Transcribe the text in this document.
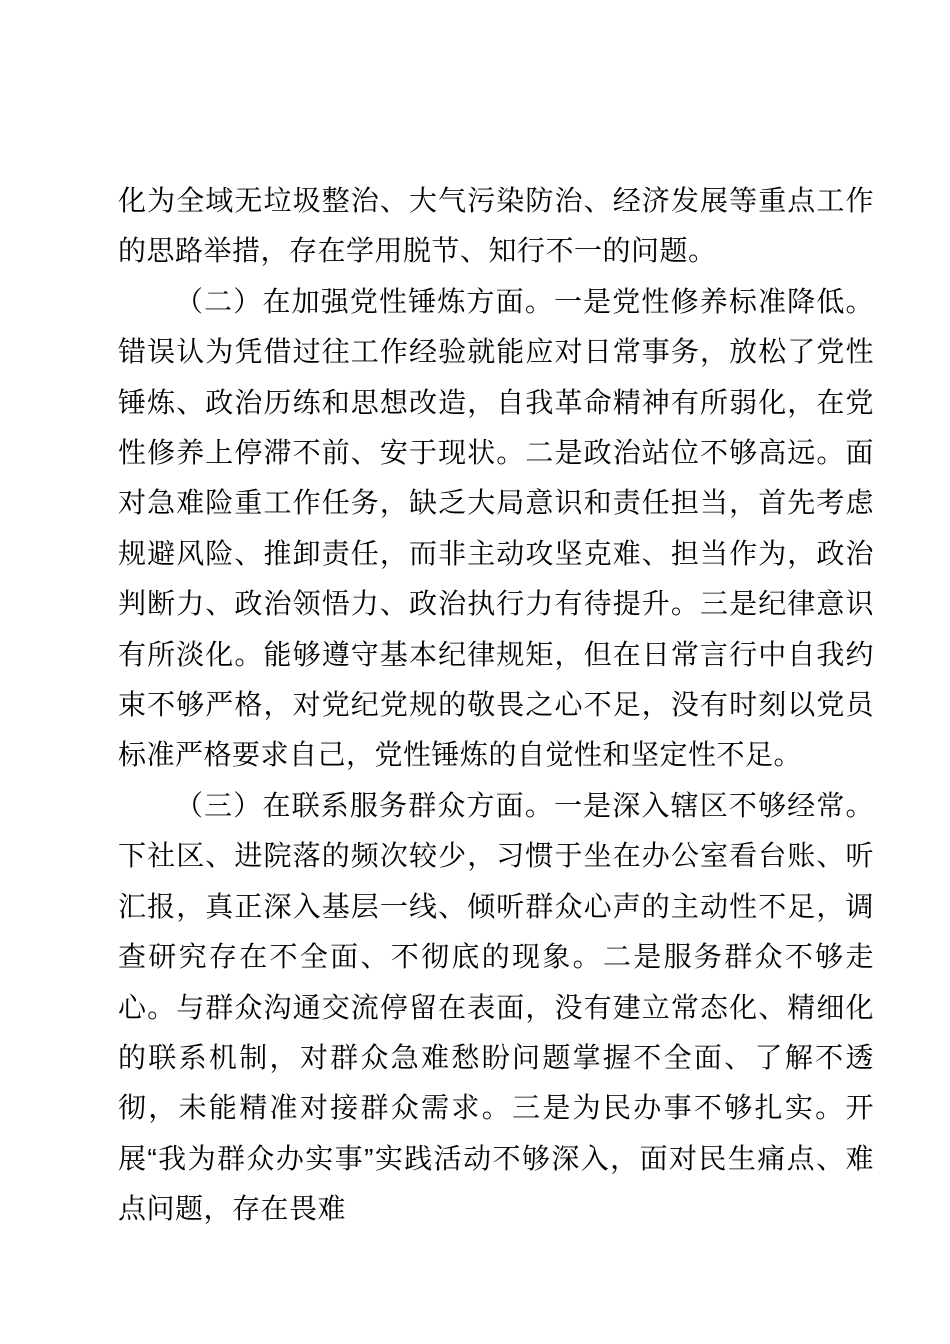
化为全域无垃圾整治、大气污染防治、经济发展等重点工作的思路举措，存在学用脱节、知行不一的问题。

（二）在加强党性锤炼方面。一是党性修养标准降低。错误认为凭借过往工作经验就能应对日常事务，放松了党性锤炼、政治历练和思想改造，自我革命精神有所弱化，在党性修养上停滞不前、安于现状。二是政治站位不够高远。面对急难险重工作任务，缺乏大局意识和责任担当，首先考虑规避风险、推卸责任，而非主动攻坚克难、担当作为，政治判断力、政治领悟力、政治执行力有待提升。三是纪律意识有所淡化。能够遵守基本纪律规矩，但在日常言行中自我约束不够严格，对党纪党规的敬畏之心不足，没有时刻以党员标准严格要求自己，党性锤炼的自觉性和坚定性不足。

（三）在联系服务群众方面。一是深入辖区不够经常。下社区、进院落的频次较少，习惯于坐在办公室看台账、听汇报，真正深入基层一线、倾听群众心声的主动性不足，调查研究存在不全面、不彻底的现象。二是服务群众不够走心。与群众沟通交流停留在表面，没有建立常态化、精细化的联系机制，对群众急难愁盼问题掌握不全面、了解不透彻，未能精准对接群众需求。三是为民办事不够扎实。开展“我为群众办实事”实践活动不够深入，面对民生痛点、难点问题，存在畏难
